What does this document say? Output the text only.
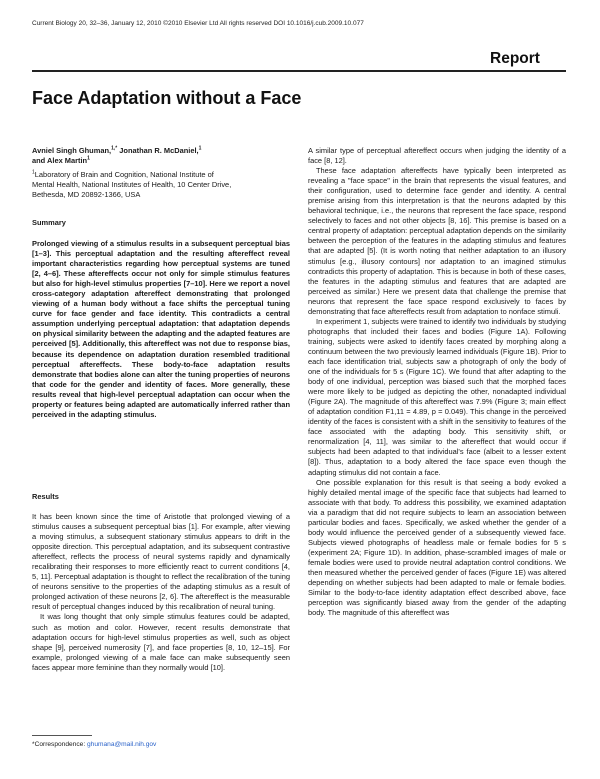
Current Biology 20, 32–36, January 12, 2010 ©2010 Elsevier Ltd All rights reserved DOI 10.1016/j.cub.2009.10.077
Report
Face Adaptation without a Face
Avniel Singh Ghuman,$^{1,*}$ Jonathan R. McDaniel,$^1$
and Alex Martin$^1$
$^1$Laboratory of Brain and Cognition, National Institute of
Mental Health, National Institutes of Health, 10 Center Drive,
Bethesda, MD 20892-1366, USA
Summary

Prolonged viewing of a stimulus results in a subsequent perceptual bias [1–3]. This perceptual adaptation and the resulting aftereffect reveal important characteristics regarding how perceptual systems are tuned [2, 4–6]. These aftereffects occur not only for simple stimulus features but also for high-level stimulus properties [7–10]. Here we report a novel cross-category adaptation aftereffect demonstrating that prolonged viewing of a human body without a face shifts the perceptual tuning curve for face gender and face identity. This contradicts a central assumption underlying perceptual adaptation: that adaptation depends on physical similarity between the adapting and the adapted features are perceived [5]. Additionally, this aftereffect was not due to response bias, because its dependence on adaptation duration resembled traditional perceptual aftereffects. These body-to-face adaptation results demonstrate that bodies alone can alter the tuning properties of neurons that code for the gender and identity of faces. More generally, these results reveal that high-level perceptual adaptation can occur when the property or features being adapted are automatically inferred rather than perceived in the adapting stimulus.

Results

It has been known since the time of Aristotle that prolonged viewing of a stimulus causes a subsequent perceptual bias [1]. For example, after viewing a moving stimulus, a subsequent stationary stimulus appears to drift in the opposite direction. This perceptual adaptation, and its subsequent contrastive aftereffect, reflects the process of neural systems rapidly and dynamically recalibrating their responses to more efficiently react to current conditions [4, 5, 11]. Perceptual adaptation is thought to reflect the recalibration of the tuning of neurons sensitive to the properties of the adapting stimulus as a result of prolonged activation of these neurons [2, 6]. The aftereffect is the measurable result of perceptual changes induced by this recalibration of neural tuning.

It was long thought that only simple stimulus features could be adapted, such as motion and color. However, recent results demonstrate that adaptation occurs for high-level stimulus properties as well, such as object shape [9], perceived numerosity [7], and face properties [8, 10, 12–15]. For example, prolonged viewing of a male face can make subsequently seen faces appear more feminine than they normally would [10].

*Correspondence: ghumana@mail.nih.gov

A similar type of perceptual aftereffect occurs when judging the identity of a face [8, 12].

These face adaptation aftereffects have typically been interpreted as revealing a "face space" in the brain that represents the visual features, and their configuration, used to determine face gender and identity. A central premise arising from this interpretation is that the neurons adapted by this behavioral technique, i.e., the neurons that represent the face space, respond selectively to faces and not other objects [8, 16]. This premise is based on a central property of adaptation: perceptual adaptation depends on the similarity between the perception of the features in the adapting stimulus and features that are adapted [5]. (It is worth noting that neither adaptation to an illusory stimulus [e.g., illusory contours] nor adaptation to an imagined stimulus contradicts this property of adaptation. This is because in both of these cases, the features in the adapting stimulus and features that are adapted are perceived as similar.) Here we present data that challenge the premise that neurons that represent the face space respond exclusively to faces by demonstrating that face aftereffects result from adaptation to nonface stimuli.

In experiment 1, subjects were trained to identify two individuals by studying photographs that included their faces and bodies (Figure 1A). Following training, subjects were asked to identify faces created by morphing along a continuum between the two previously learned individuals (Figure 1B). Prior to each face identification trial, subjects saw a photograph of only the body of one of the individuals for 5 s (Figure 1C). We found that after adapting to the body of one individual, perception was biased such that the morphed faces were more likely to be judged as depicting the other, nonadapted individual (Figure 2A). The magnitude of this aftereffect was 7.9% (Figure 3; main effect of adaptation condition F1,11 = 4.89, p = 0.049). This change in the perceived identity of the faces is consistent with a shift in the sensitivity to features of the face associated with the adapting body. This sensitivity shift, or renormalization [4, 11], was similar to the aftereffect that would occur if subjects had been adapted to that individual's face (albeit to a lesser extent [8]). Thus, adaptation to a body altered the face space even though the adapting stimulus did not contain a face.

One possible explanation for this result is that seeing a body evoked a highly detailed mental image of the specific face that subjects had learned to associate with that body. To address this possibility, we examined adaptation via a paradigm that did not require subjects to learn an association between particular bodies and faces. Specifically, we asked whether the gender of a body would influence the perceived gender of a subsequently viewed face. Subjects viewed photographs of headless male or female bodies for 5 s (experiment 2A; Figure 1D). In addition, phase-scrambled images of male or female bodies were used to provide neutral adaptation control conditions. We then measured whether the perceived gender of faces (Figure 1E) was altered depending on whether subjects had been adapted to male or female bodies. Similar to the body-to-face identity adaptation effect described above, face perception was significantly biased away from the gender of the adapting body. The magnitude of this aftereffect was
